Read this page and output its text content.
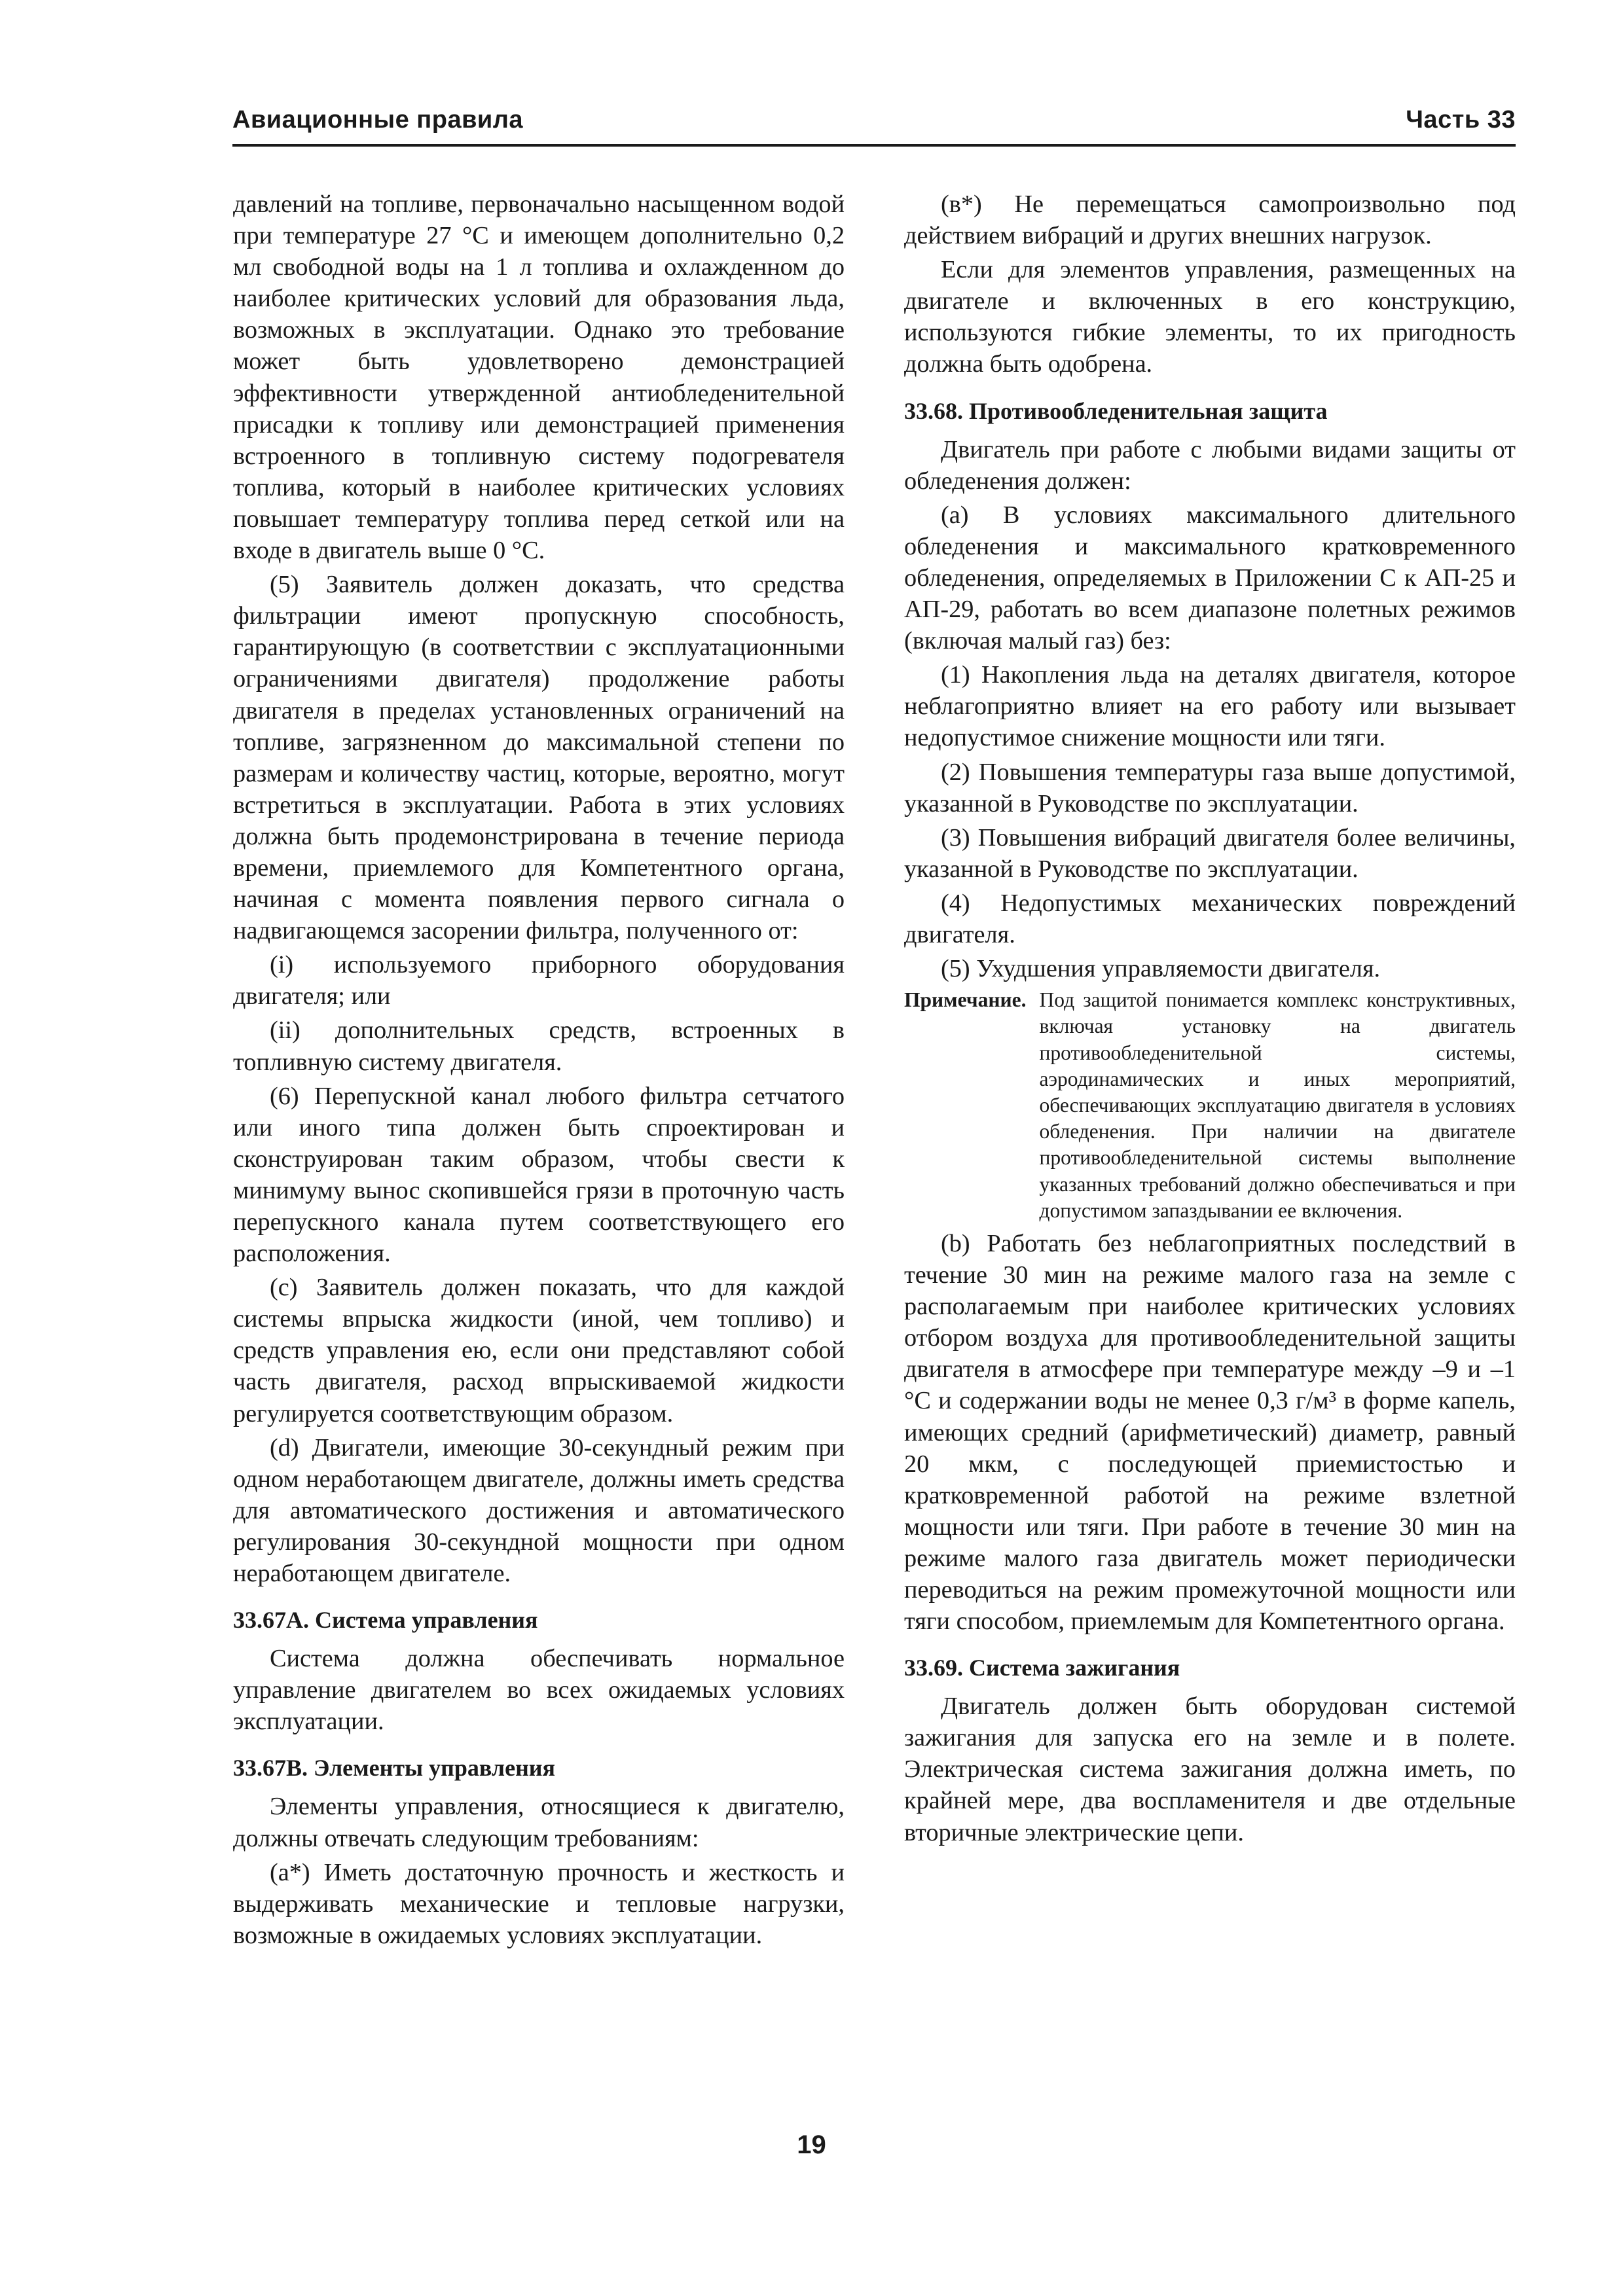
Авиационные правила	Часть 33

давлений на топливе, первоначально насыщенном водой при температуре 27 °С и имеющем дополнительно 0,2 мл свободной воды на 1 л топлива и охлажденном до наиболее критических условий для образования льда, возможных в эксплуатации. Однако это требование может быть удовлетворено демонстрацией эффективности утвержденной антиобледенительной присадки к топливу или демонстрацией применения встроенного в топливную систему подогревателя топлива, который в наиболее критических условиях повышает температуру топлива перед сеткой или на входе в двигатель выше 0 °С.

(5) Заявитель должен доказать, что средства фильтрации имеют пропускную способность, гарантирующую (в соответствии с эксплуатационными ограничениями двигателя) продолжение работы двигателя в пределах установленных ограничений на топливе, загрязненном до максимальной степени по размерам и количеству частиц, которые, вероятно, могут встретиться в эксплуатации. Работа в этих условиях должна быть продемонстрирована в течение периода времени, приемлемого для Компетентного органа, начиная с момента появления первого сигнала о надвигающемся засорении фильтра, полученного от:

(i) используемого приборного оборудования двигателя; или

(ii) дополнительных средств, встроенных в топливную систему двигателя.

(6) Перепускной канал любого фильтра сетчатого или иного типа должен быть спроектирован и сконструирован таким образом, чтобы свести к минимуму вынос скопившейся грязи в проточную часть перепускного канала путем соответствующего его расположения.

(c) Заявитель должен показать, что для каждой системы впрыска жидкости (иной, чем топливо) и средств управления ею, если они представляют собой часть двигателя, расход впрыскиваемой жидкости регулируется соответствующим образом.

(d) Двигатели, имеющие 30-секундный режим при одном неработающем двигателе, должны иметь средства для автоматического достижения и автоматического регулирования 30-секундной мощности при одном неработающем двигателе.

33.67А. Система управления

Система должна обеспечивать нормальное управление двигателем во всех ожидаемых условиях эксплуатации.

33.67В. Элементы управления

Элементы управления, относящиеся к двигателю, должны отвечать следующим требованиям:

(а*) Иметь достаточную прочность и жесткость и выдерживать механические и тепловые нагрузки, возможные в ожидаемых условиях эксплуатации.

(в*) Не перемещаться самопроизвольно под действием вибраций и других внешних нагрузок.

Если для элементов управления, размещенных на двигателе и включенных в его конструкцию, используются гибкие элементы, то их пригодность должна быть одобрена.

33.68. Противообледенительная защита

Двигатель при работе с любыми видами защиты от обледенения должен:

(а) В условиях максимального длительного обледенения и максимального кратковременного обледенения, определяемых в Приложении С к АП-25 и АП-29, работать во всем диапазоне полетных режимов (включая малый газ) без:

(1) Накопления льда на деталях двигателя, которое неблагоприятно влияет на его работу или вызывает недопустимое снижение мощности или тяги.

(2) Повышения температуры газа выше допустимой, указанной в Руководстве по эксплуатации.

(3) Повышения вибраций двигателя более величины, указанной в Руководстве по эксплуатации.

(4) Недопустимых механических повреждений двигателя.

(5) Ухудшения управляемости двигателя.

Примечание. Под защитой понимается комплекс конструктивных, включая установку на двигатель противообледенительной системы, аэродинамических и иных мероприятий, обеспечивающих эксплуатацию двигателя в условиях обледенения. При наличии на двигателе противообледенительной системы выполнение указанных требований должно обеспечиваться и при допустимом запаздывании ее включения.

(b) Работать без неблагоприятных последствий в течение 30 мин на режиме малого газа на земле с располагаемым при наиболее критических условиях отбором воздуха для противообледенительной защиты двигателя в атмосфере при температуре между –9 и –1 °С и содержании воды не менее 0,3 г/м³ в форме капель, имеющих средний (арифметический) диаметр, равный 20 мкм, с последующей приемистостью и кратковременной работой на режиме взлетной мощности или тяги. При работе в течение 30 мин на режиме малого газа двигатель может периодически переводиться на режим промежуточной мощности или тяги способом, приемлемым для Компетентного органа.

33.69. Система зажигания

Двигатель должен быть оборудован системой зажигания для запуска его на земле и в полете. Электрическая система зажигания должна иметь, по крайней мере, два воспламенителя и две отдельные вторичные электрические цепи.

19
